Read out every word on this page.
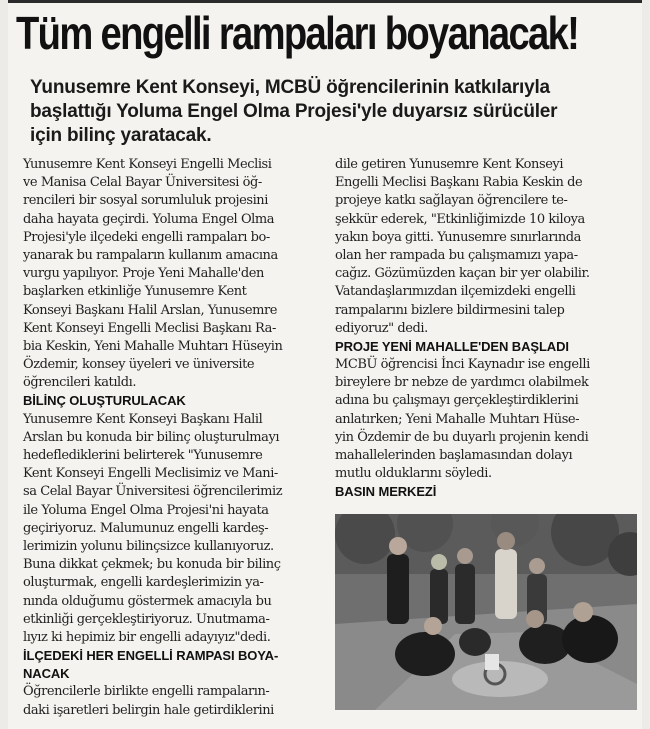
Tüm engelli rampaları boyanacak!
Yunusemre Kent Konseyi, MCBÜ öğrencilerinin katkılarıyla
başlattığı Yoluma Engel Olma Projesi'yle duyarsız sürücüler
için bilinç yaratacak.
Yunusemre Kent Konseyi Engelli Meclisi
ve Manisa Celal Bayar Üniversitesi öğ-
rencileri bir sosyal sorumluluk projesini
daha hayata geçirdi. Yoluma Engel Olma
Projesi'yle ilçedeki engelli rampaları bo-
yanarak bu rampaların kullanım amacına
vurgu yapılıyor. Proje Yeni Mahalle'den
başlarken etkinliğe Yunusemre Kent
Konseyi Başkanı Halil Arslan, Yunusemre
Kent Konseyi Engelli Meclisi Başkanı Ra-
bia Keskin, Yeni Mahalle Muhtarı Hüseyin
Özdemir, konsey üyeleri ve üniversite
öğrencileri katıldı.
BİLİNÇ OLUŞTURULACAK
Yunusemre Kent Konseyi Başkanı Halil
Arslan bu konuda bir bilinç oluşturulmayı
hedeflediklerini belirterek "Yunusemre
Kent Konseyi Engelli Meclisimiz ve Mani-
sa Celal Bayar Üniversitesi öğrencilerimiz
ile Yoluma Engel Olma Projesi'ni hayata
geçiriyoruz. Malumunuz engelli kardeş-
lerimizin yolunu bilinçsizce kullanıyoruz.
Buna dikkat çekmek; bu konuda bir bilinç
oluşturmak, engelli kardeşlerimizin ya-
nında olduğumu göstermek amacıyla bu
etkinliği gerçekleştiriyoruz. Unutmama-
lıyız ki hepimiz bir engelli adayıyız"dedi.
İLÇEDEKİ HER ENGELLİ RAMPASI BOYA-
NACAK
Öğrencilerle birlikte engelli rampaların-
daki işaretleri belirgin hale getirdiklerini
dile getiren Yunusemre Kent Konseyi
Engelli Meclisi Başkanı Rabia Keskin de
projeye katkı sağlayan öğrencilere te-
şekkür ederek, "Etkinliğimizde 10 kiloya
yakın boya gitti. Yunusemre sınırlarında
olan her rampada bu çalışmamızı yapa-
cağız. Gözümüzden kaçan bir yer olabilir.
Vatandaşlarımızdan ilçemizdeki engelli
rampalarını bizlere bildirmesini talep
ediyoruz" dedi.
PROJE YENİ MAHALLE'DEN BAŞLADI
MCBÜ öğrencisi İnci Kaynadır ise engelli
bireylere br nebze de yardımcı olabilmek
adına bu çalışmayı gerçekleştirdiklerini
anlatırken; Yeni Mahalle Muhtarı Hüse-
yin Özdemir de bu duyarlı projenin kendi
mahallelerinden başlamasından dolayı
mutlu olduklarını söyledi.
BASIN MERKEZİ
